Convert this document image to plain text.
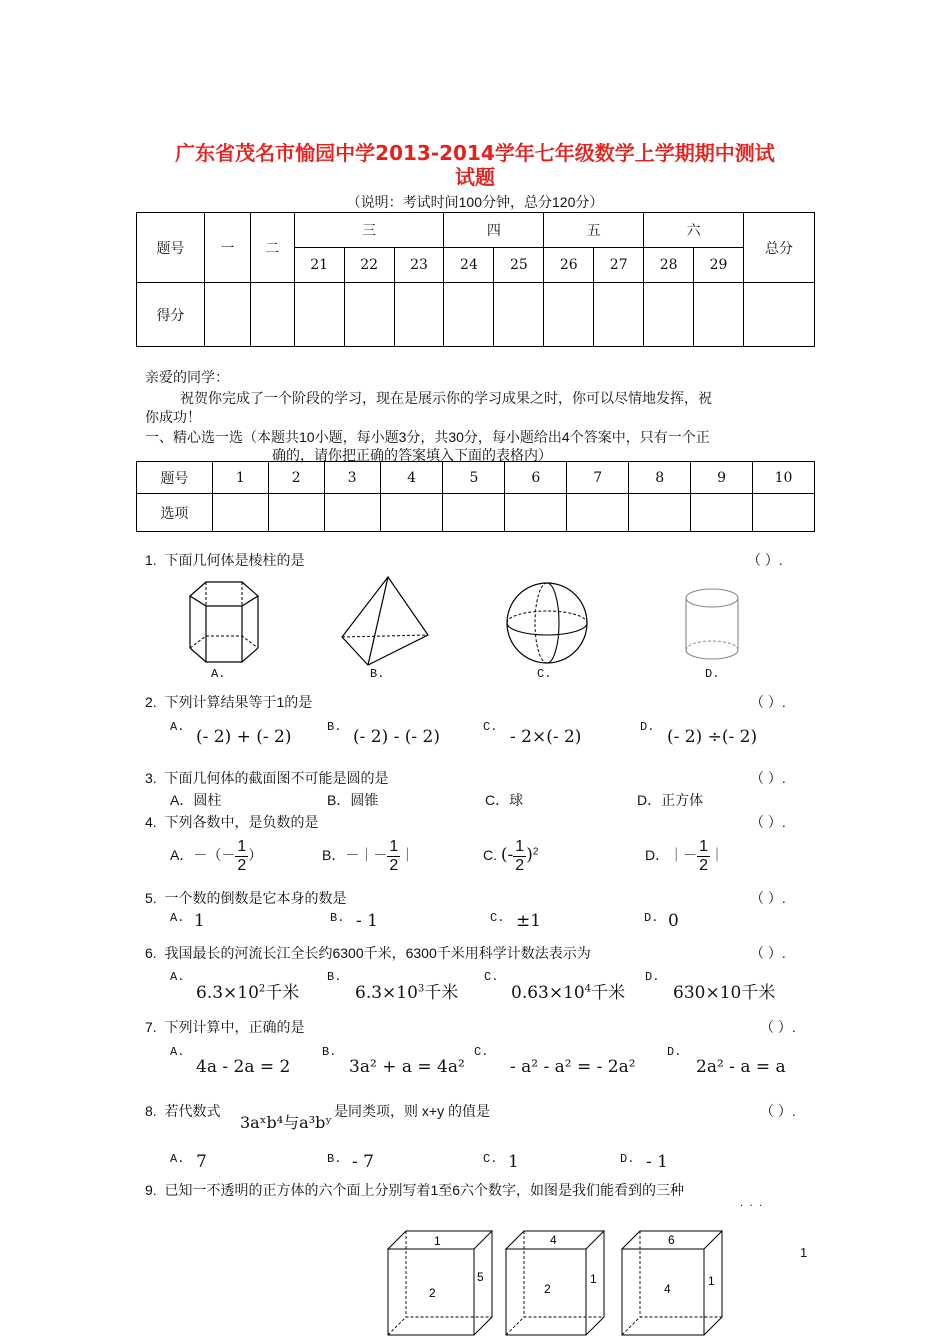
广东省茂名市愉园中学2013-2014学年七年级数学上学期期中测试
试题
（说明：考试时间100分钟，总分120分）
题号	一	二	三			四		五		六		总分
			21	22	23	24	25	26	27	28	29	
得分												
亲爱的同学：
祝贺你完成了一个阶段的学习，现在是展示你的学习成果之时，你可以尽情地发挥，祝
你成功！
一、精心选一选（本题共10小题，每小题3分，共30分，每小题给出4个答案中，只有一个正
确的，请你把正确的答案填入下面的表格内）
题号	1	2	3	4	5	6	7	8	9	10
选项										
1. 下面几何体是棱柱的是	（ ）.
A.	B.	C.	D.
2. 下列计算结果等于1的是	（ ）.
A. (- 2) + (- 2)	B. (- 2) - (- 2)	C. - 2×(- 2)	D. (- 2) ÷(- 2)
3. 下面几何体的截面图不可能是圆的是	（ ）.
A．圆柱	B．圆锥	C．球	D．正方体
4. 下列各数中，是负数的是	（ ）.
A．－（－ $\frac{1}{2}$ ）	B．－｜－ $\frac{1}{2}$ ｜	C. (- $\frac{1}{2} )^2$	D．｜－ $\frac{1}{2}$ ｜
5. 一个数的倒数是它本身的数是	（ ）.
A. 1	B. - 1	C. ±1	D. 0
6. 我国最长的河流长江全长约6300千米，6300千米用科学计数法表示为	（ ）.
A.
$6.3\times 10^2$千米
B.
$6.3\times 10^3$千米
C.
$0.63\times 10^4$千米
D.
630×10千米
7. 下列计算中，正确的是	（ ）.
A.
4a - 2a = 2
B.
3a² + a = 4a²
C.
- a² - a² = - 2a²
D.
2a² - a = a
8. 若代数式
3aˣb⁴与a³bʸ
是同类项，则 x+y 的值是	（ ）.
A. 7	B. - 7	C. 1	D. - 1
9. 已知一不透明的正方体的六个面上分别写着1至6六个数字，如图是我们能看到的三种
·  ·  ·
1
2
5
4
2
1
6
4
1
1
